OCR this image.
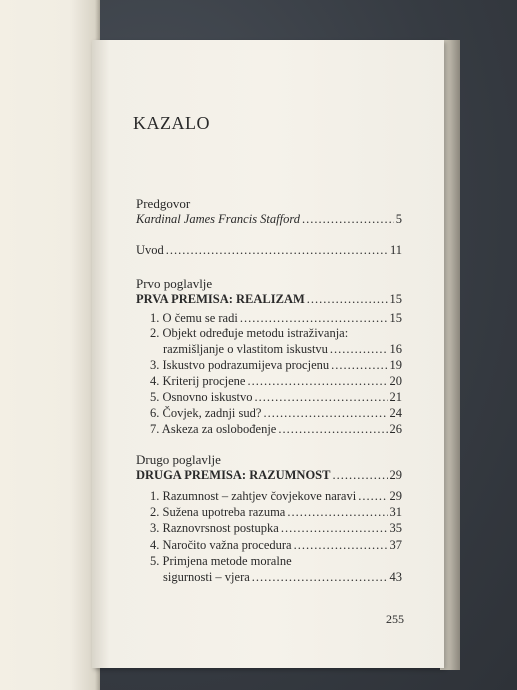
KAZALO
Predgovor
Kardinal James Francis Stafford .....	5
Uvod .....	11
Prvo poglavlje
PRVA PREMISA: REALIZAM .....	15
1. O čemu se radi .....	15
2. Objekt određuje metodu istraživanja:
razmišljanje o vlastitom iskustvu .....	16
3. Iskustvo podrazumijeva procjenu .....	19
4. Kriterij procjene .....	20
5. Osnovno iskustvo .....	21
6. Čovjek, zadnji sud? .....	24
7. Askeza za oslobođenje .....	26
Drugo poglavlje
DRUGA PREMISA: RAZUMNOST .....	29
1. Razumnost – zahtjev čovjekove naravi .....	29
2. Sužena upotreba razuma .....	31
3. Raznovrsnost postupka .....	35
4. Naročito važna procedura .....	37
5. Primjena metode moralne
sigurnosti – vjera .....	43
255
